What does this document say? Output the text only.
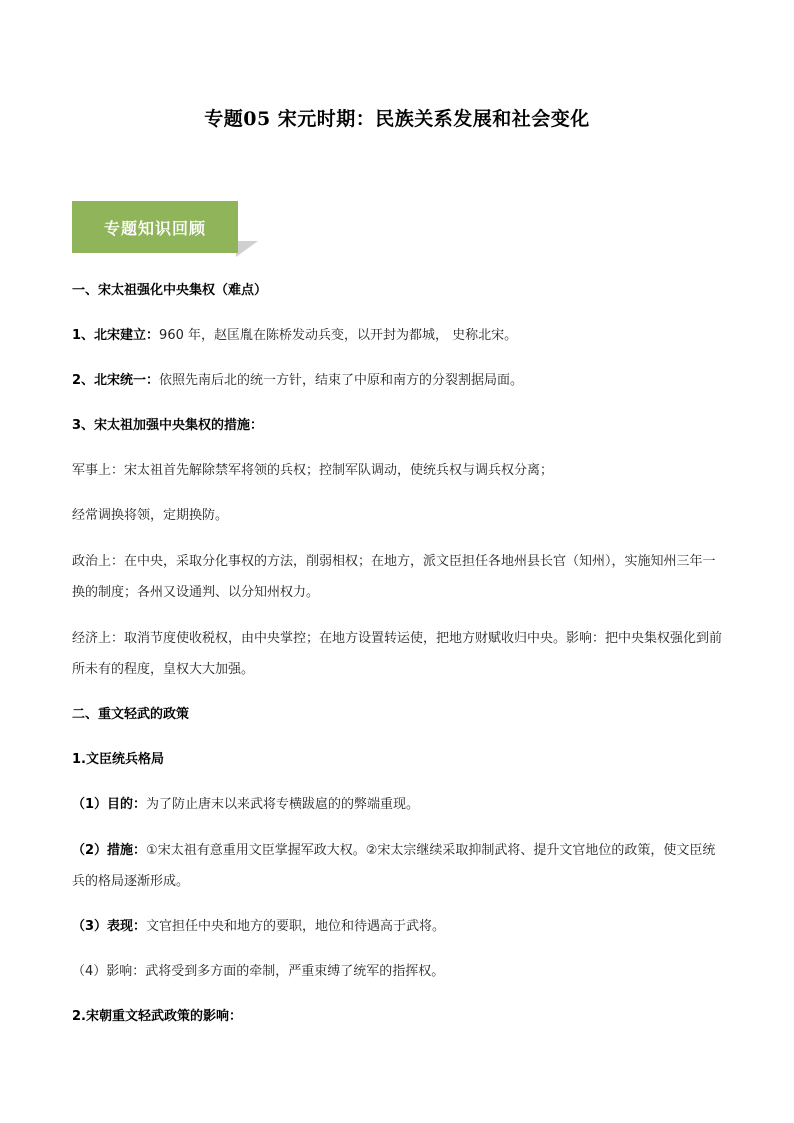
专题05 宋元时期：民族关系发展和社会变化
专题知识回顾

一、宋太祖强化中央集权（难点）

1、北宋建立：960 年，赵匡胤在陈桥发动兵变，以开封为都城， 史称北宋。

2、北宋统一：依照先南后北的统一方针，结束了中原和南方的分裂割据局面。

3、宋太祖加强中央集权的措施：

军事上：宋太祖首先解除禁军将领的兵权；控制军队调动，使统兵权与调兵权分离；

经常调换将领，定期换防。

政治上：在中央，采取分化事权的方法，削弱相权；在地方，派文臣担任各地州县长官（知州），实施知州三年一换的制度；各州又设通判、以分知州权力。

经济上：取消节度使收税权，由中央掌控；在地方设置转运使，把地方财赋收归中央。影响：把中央集权强化到前所未有的程度，皇权大大加强。

二、重文轻武的政策

1.文臣统兵格局

（1）目的：为了防止唐末以来武将专横跋扈的的弊端重现。

（2）措施：①宋太祖有意重用文臣掌握军政大权。②宋太宗继续采取抑制武将、提升文官地位的政策，使文臣统兵的格局逐渐形成。

（3）表现：文官担任中央和地方的要职，地位和待遇高于武将。

（4）影响：武将受到多方面的牵制，严重束缚了统军的指挥权。

2.宋朝重文轻武政策的影响：
